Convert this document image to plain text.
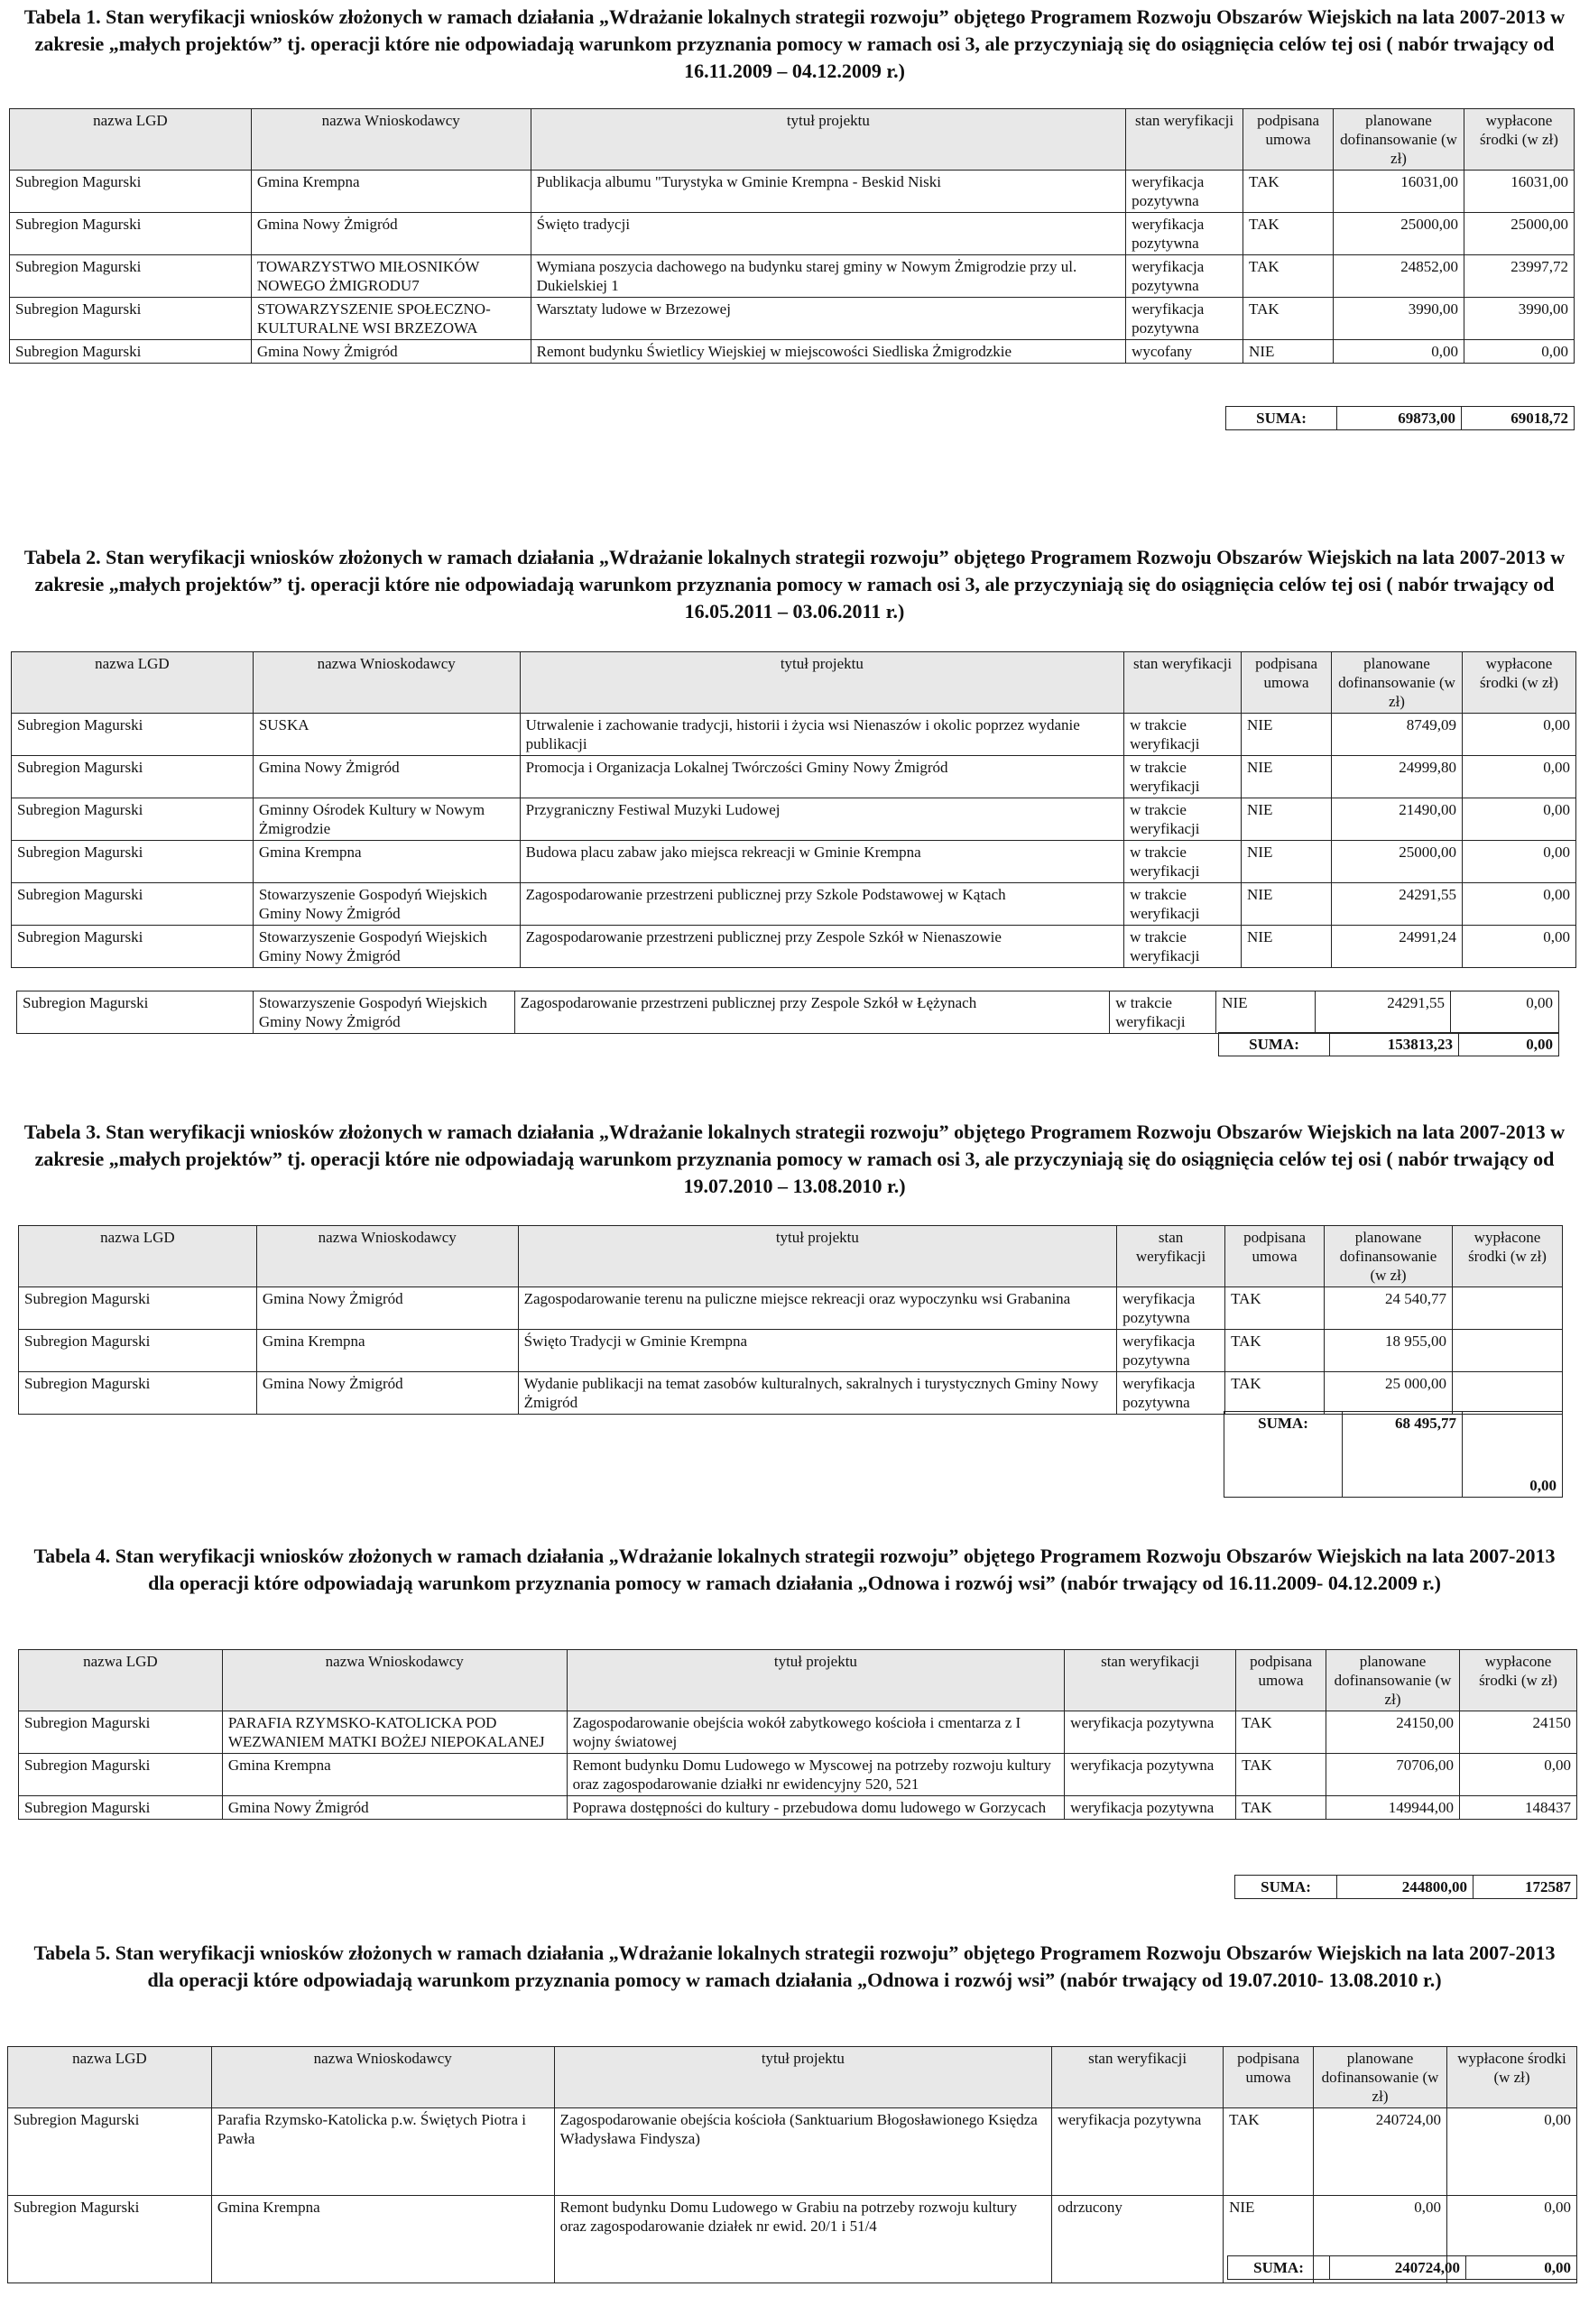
Tabela 1. Stan weryfikacji wniosków złożonych w ramach działania „Wdrażanie lokalnych strategii rozwoju” objętego Programem Rozwoju Obszarów Wiejskich na lata 2007-2013 w zakresie „małych projektów” tj. operacji które nie odpowiadają warunkom przyznania pomocy w ramach osi 3, ale przyczyniają się do osiągnięcia celów tej osi ( nabór trwający od 16.11.2009 – 04.12.2009 r.)
nazwa LGD	nazwa Wnioskodawcy	tytuł projektu	stan weryfikacji	podpisana umowa	planowane dofinansowanie (w zł)	wypłacone środki (w zł)
Subregion Magurski	Gmina Krempna	Publikacja albumu "Turystyka w Gminie Krempna - Beskid Niski	weryfikacja pozytywna	TAK	16031,00	16031,00
Subregion Magurski	Gmina Nowy Żmigród	Święto tradycji	weryfikacja pozytywna	TAK	25000,00	25000,00
Subregion Magurski	TOWARZYSTWO MIŁOSNIKÓW NOWEGO ŻMIGRODU7	Wymiana poszycia dachowego na budynku starej gminy w Nowym Żmigrodzie przy ul. Dukielskiej 1	weryfikacja pozytywna	TAK	24852,00	23997,72
Subregion Magurski	STOWARZYSZENIE SPOŁECZNO-KULTURALNE WSI BRZEZOWA	Warsztaty ludowe w Brzezowej	weryfikacja pozytywna	TAK	3990,00	3990,00
Subregion Magurski	Gmina Nowy Żmigród	Remont budynku Świetlicy Wiejskiej w miejscowości Siedliska Żmigrodzkie	wycofany	NIE	0,00	0,00
SUMA:	69873,00	69018,72
Tabela 2. Stan weryfikacji wniosków złożonych w ramach działania „Wdrażanie lokalnych strategii rozwoju” objętego Programem Rozwoju Obszarów Wiejskich na lata 2007-2013 w zakresie „małych projektów” tj. operacji które nie odpowiadają warunkom przyznania pomocy w ramach osi 3, ale przyczyniają się do osiągnięcia celów tej osi ( nabór trwający od 16.05.2011 – 03.06.2011 r.)
nazwa LGD	nazwa Wnioskodawcy	tytuł projektu	stan weryfikacji	podpisana umowa	planowane dofinansowanie (w zł)	wypłacone środki (w zł)
Subregion Magurski	SUSKA	Utrwalenie i zachowanie tradycji, historii i życia wsi Nienaszów i okolic poprzez wydanie publikacji	w trakcie weryfikacji	NIE	8749,09	0,00
Subregion Magurski	Gmina Nowy Żmigród	Promocja i Organizacja Lokalnej Twórczości Gminy Nowy Żmigród	w trakcie weryfikacji	NIE	24999,80	0,00
Subregion Magurski	Gminny Ośrodek Kultury w Nowym Żmigrodzie	Przygraniczny Festiwal Muzyki Ludowej	w trakcie weryfikacji	NIE	21490,00	0,00
Subregion Magurski	Gmina Krempna	Budowa placu zabaw jako miejsca rekreacji w Gminie Krempna	w trakcie weryfikacji	NIE	25000,00	0,00
Subregion Magurski	Stowarzyszenie Gospodyń Wiejskich Gminy Nowy Żmigród	Zagospodarowanie przestrzeni publicznej przy Szkole Podstawowej w Kątach	w trakcie weryfikacji	NIE	24291,55	0,00
Subregion Magurski	Stowarzyszenie Gospodyń Wiejskich Gminy Nowy Żmigród	Zagospodarowanie przestrzeni publicznej przy Zespole Szkół w Nienaszowie	w trakcie weryfikacji	NIE	24991,24	0,00
Subregion Magurski	Stowarzyszenie Gospodyń Wiejskich Gminy Nowy Żmigród	Zagospodarowanie przestrzeni publicznej przy Zespole Szkół w Łężynach	w trakcie weryfikacji	NIE	24291,55	0,00
SUMA:	153813,23	0,00
Tabela 3. Stan weryfikacji wniosków złożonych w ramach działania „Wdrażanie lokalnych strategii rozwoju” objętego Programem Rozwoju Obszarów Wiejskich na lata 2007-2013 w zakresie „małych projektów” tj. operacji które nie odpowiadają warunkom przyznania pomocy w ramach osi 3, ale przyczyniają się do osiągnięcia celów tej osi ( nabór trwający od 19.07.2010 – 13.08.2010 r.)
nazwa LGD	nazwa Wnioskodawcy	tytuł projektu	stan weryfikacji	podpisana umowa	planowane dofinansowanie (w zł)	wypłacone środki (w zł)
Subregion Magurski	Gmina Nowy Żmigród	Zagospodarowanie terenu na puliczne miejsce rekreacji oraz wypoczynku wsi Grabanina	weryfikacja pozytywna	TAK	24 540,77	
Subregion Magurski	Gmina Krempna	Święto Tradycji w Gminie Krempna	weryfikacja pozytywna	TAK	18 955,00	
Subregion Magurski	Gmina Nowy Żmigród	Wydanie publikacji na temat zasobów kulturalnych, sakralnych i turystycznych Gminy Nowy Żmigród	weryfikacja pozytywna	TAK	25 000,00	
SUMA:	68 495,77	0,00
Tabela 4. Stan weryfikacji wniosków złożonych w ramach działania „Wdrażanie lokalnych strategii rozwoju” objętego Programem Rozwoju Obszarów Wiejskich na lata 2007-2013 dla operacji które odpowiadają warunkom przyznania pomocy w ramach działania „Odnowa i rozwój wsi” (nabór trwający od 16.11.2009- 04.12.2009 r.)
nazwa LGD	nazwa Wnioskodawcy	tytuł projektu	stan weryfikacji	podpisana umowa	planowane dofinansowanie (w zł)	wypłacone środki (w zł)
Subregion Magurski	PARAFIA RZYMSKO-KATOLICKA POD WEZWANIEM MATKI BOŻEJ NIEPOKALANEJ	Zagospodarowanie obejścia wokół zabytkowego kościoła i cmentarza z I wojny światowej	weryfikacja pozytywna	TAK	24150,00	24150
Subregion Magurski	Gmina Krempna	Remont budynku Domu Ludowego w Myscowej na potrzeby rozwoju kultury oraz zagospodarowanie działki nr ewidencyjny 520, 521	weryfikacja pozytywna	TAK	70706,00	0,00
Subregion Magurski	Gmina Nowy Żmigród	Poprawa dostępności do kultury - przebudowa domu ludowego w Gorzycach	weryfikacja pozytywna	TAK	149944,00	148437
SUMA:	244800,00	172587
Tabela 5. Stan weryfikacji wniosków złożonych w ramach działania „Wdrażanie lokalnych strategii rozwoju” objętego Programem Rozwoju Obszarów Wiejskich na lata 2007-2013 dla operacji które odpowiadają warunkom przyznania pomocy w ramach działania „Odnowa i rozwój wsi” (nabór trwający od 19.07.2010- 13.08.2010 r.)
nazwa LGD	nazwa Wnioskodawcy	tytuł projektu	stan weryfikacji	podpisana umowa	planowane dofinansowanie (w zł)	wypłacone środki (w zł)
Subregion Magurski	Parafia Rzymsko-Katolicka p.w. Świętych Piotra i Pawła	Zagospodarowanie obejścia kościoła (Sanktuarium Błogosławionego Księdza Władysława Findysza)	weryfikacja pozytywna	TAK	240724,00	0,00
Subregion Magurski	Gmina Krempna	Remont budynku Domu Ludowego w Grabiu na potrzeby rozwoju kultury oraz zagospodarowanie działek nr ewid. 20/1 i 51/4	odrzucony	NIE	0,00	0,00
SUMA:	240724,00	0,00
